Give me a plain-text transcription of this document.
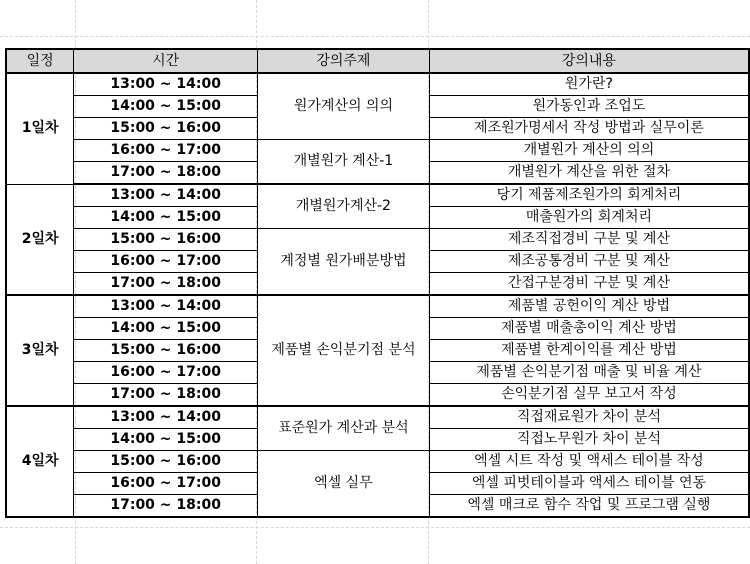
일정	시간	강의주제	강의내용
1일차	13:00 ~ 14:00	원가계산의 의의	원가란?
	14:00 ~ 15:00		원가동인과 조업도
	15:00 ~ 16:00		제조원가명세서 작성 방법과 실무이론
	16:00 ~ 17:00	개별원가 계산-1	개별원가 계산의 의의
	17:00 ~ 18:00		개별원가 계산을 위한 절차
2일차	13:00 ~ 14:00	개별원가계산-2	당기 제품제조원가의 회계처리
	14:00 ~ 15:00		매출원가의 회계처리
	15:00 ~ 16:00	계정별 원가배분방법	제조직접경비 구분 및 계산
	16:00 ~ 17:00		제조공통경비 구분 및 계산
	17:00 ~ 18:00		간접구분경비 구분 및 계산
3일차	13:00 ~ 14:00	제품별 손익분기점 분석	제품별 공헌이익 계산 방법
	14:00 ~ 15:00		제품별 매출총이익 계산 방법
	15:00 ~ 16:00		제품별 한계이익를 계산 방법
	16:00 ~ 17:00		제품별 손익분기점 매출 및 비율 계산
	17:00 ~ 18:00		손익분기점 실무 보고서 작성
4일차	13:00 ~ 14:00	표준원가 계산과 분석	직접재료원가 차이 분석
	14:00 ~ 15:00		직접노무원가 차이 분석
	15:00 ~ 16:00	엑셀 실무	엑셀 시트 작성 및 액세스 테이블 작성
	16:00 ~ 17:00		엑셀 피벗테이블과 액세스 테이블 연동
	17:00 ~ 18:00		엑셀 매크로 함수 작업 및 프로그램 실행
